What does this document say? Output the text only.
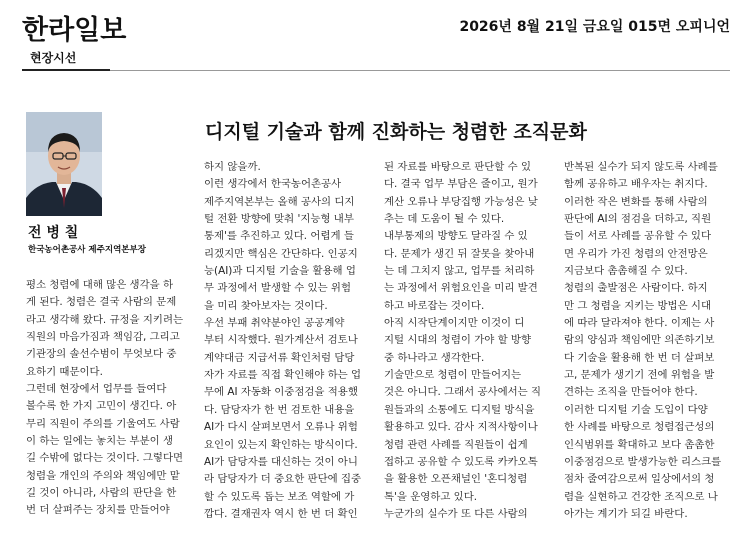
한라일보	2026년 8월 21일 금요일 015면 오피니언
현장시선
전 병 칠
한국농어촌공사 제주지역본부장
디지털 기술과 함께 진화하는 청렴한 조직문화
평소 청렴에 대해 많은 생각을 하
게 된다. 청렴은 결국 사람의 문제
라고 생각해 왔다. 규정을 지키려는
직원의 마음가짐과 책임감, 그리고
기관장의 솔선수범이 무엇보다 중
요하기 때문이다.
그런데 현장에서 업무를 들여다
볼수록 한 가지 고민이 생긴다. 아
무리 직원이 주의를 기울여도 사람
이 하는 일에는 놓치는 부분이 생
길 수밖에 없다는 것이다. 그렇다면
청렴을 개인의 주의와 책임에만 맡
길 것이 아니라, 사람의 판단을 한
번 더 살펴주는 장치를 만들어야
하지 않을까.
이런 생각에서 한국농어촌공사
제주지역본부는 올해 공사의 디지
털 전환 방향에 맞춰 '지능형 내부
통제'를 추진하고 있다. 어렵게 들
리겠지만 핵심은 간단하다. 인공지
능(AI)과 디지털 기술을 활용해 업
무 과정에서 발생할 수 있는 위험
을 미리 찾아보자는 것이다.
우선 부패 취약분야인 공공계약
부터 시작했다. 원가계산서 검토나
계약대금 지급서류 확인처럼 담당
자가 자료를 직접 확인해야 하는 업
무에 AI 자동화 이중점검을 적용했
다. 담당자가 한 번 검토한 내용을
AI가 다시 살펴보면서 오류나 위험
요인이 있는지 확인하는 방식이다.
AI가 담당자를 대신하는 것이 아니
라 담당자가 더 중요한 판단에 집중
할 수 있도록 돕는 보조 역할에 가
깝다. 결재권자 역시 한 번 더 확인
된 자료를 바탕으로 판단할 수 있
다. 결국 업무 부담은 줄이고, 원가
계산 오류나 부당집행 가능성은 낮
추는 데 도움이 될 수 있다.
내부통제의 방향도 달라질 수 있
다. 문제가 생긴 뒤 잘못을 찾아내
는 데 그치지 않고, 업무를 처리하
는 과정에서 위험요인을 미리 발견
하고 바로잡는 것이다.
아직 시작단계이지만 이것이 디
지털 시대의 청렴이 가야 할 방향
중 하나라고 생각한다.
기술만으로 청렴이 만들어지는
것은 아니다. 그래서 공사에서는 직
원들과의 소통에도 디지털 방식을
활용하고 있다. 감사 지적사항이나
청렴 관련 사례를 직원들이 쉽게
접하고 공유할 수 있도록 카카오톡
을 활용한 오픈채널인 '혼디청렴
톡'을 운영하고 있다.
누군가의 실수가 또 다른 사람의
반복된 실수가 되지 않도록 사례를
함께 공유하고 배우자는 취지다.
이러한 작은 변화를 통해 사람의
판단에 AI의 점검을 더하고, 직원
들이 서로 사례를 공유할 수 있다
면 우리가 가진 청렴의 안전망은
지금보다 촘촘해질 수 있다.
청렴의 출발점은 사람이다. 하지
만 그 청렴을 지키는 방법은 시대
에 따라 달라져야 한다. 이제는 사
람의 양심과 책임에만 의존하기보
다 기술을 활용해 한 번 더 살펴보
고, 문제가 생기기 전에 위험을 발
견하는 조직을 만들어야 한다.
이러한 디지털 기술 도입이 다양
한 사례를 바탕으로 청렴접근성의
인식범위를 확대하고 보다 촘촘한
이중점검으로 발생가능한 리스크를
점차 줄여감으로써 일상에서의 청
렴을 실현하고 건강한 조직으로 나
아가는 계기가 되길 바란다.
